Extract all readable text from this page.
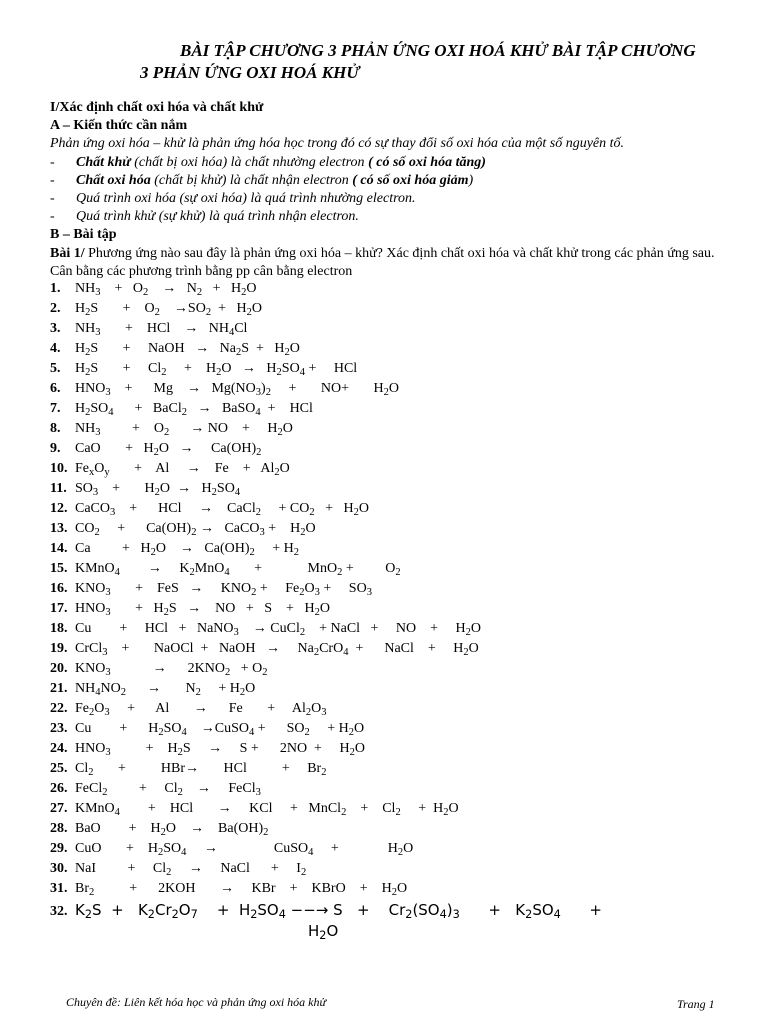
BÀI TẬP CHƯƠNG 3 PHẢN ỨNG OXI HOÁ KHỬ BÀI TẬP CHƯƠNG
3 PHẢN ỨNG OXI HOÁ KHỬ
I/Xác định chất oxi hóa và chất khử
A – Kiến thức cần nắm
Phản ứng oxi hóa – khử là phản ứng hóa học trong đó có sự thay đổi số oxi hóa của một số nguyên tố.
- Chất khử (chất bị oxi hóa) là chất nhường electron ( có số oxi hóa tăng)
- Chất oxi hóa (chất bị khử) là chất nhận electron ( có số oxi hóa giảm)
- Quá trình oxi hóa (sự oxi hóa) là quá trình nhường electron.
- Quá trình khử (sự khử) là quá trình nhận electron.
B – Bài tập
Bài 1/ Phương ứng nào sau đây là phản ứng oxi hóa – khử? Xác định chất oxi hóa và chất khử trong các phản ứng sau. Cân bằng các phương trình bằng pp cân bằng electron
1. $NH_3$    +   $O_2$    →   $N_2 + H_2O$
2. $H_2S$       +    $O_2$    $\to SO_2 + H_2O$
3. $NH_3$       +    HCl    →   $NH_4Cl$
4. $H_2S$       +     NaOH   →   $Na_2S + H_2O$
5. $H_2S$       +     $Cl_2$     +    $H_2O \to H_2SO_4$ +     HCl
6. $HNO_3$    +      Mg    →   $Mg(NO_3)_2$     +       NO+       $H_2O$
7. $H_2SO_4$      +   BaCl$_2$   →   BaSO$_4$  +    HCl
8. $NH_3$         +    $O_2$      → NO    +     $H_2O$
9. CaO       +   $H_2O$   →     $Ca(OH)_2$
10. $Fe_xO_y$       +    Al     →    Fe    +   $Al_2O$
11. $SO_3$    +       $H_2O \to H_2SO_4$
12. CaCO$_3$    +      HCl     →    CaCl$_2$     + $CO_2 + H_2O$
13. $CO_2$     +      $Ca(OH)_2$ →   CaCO$_3$ +    $H_2O$
14. Ca         +   $H_2O$    →   $Ca(OH)_2$     + $H_2$
15. KMnO$_4$        →     $K_2MnO_4$       +             MnO$_2$ +         $O_2$
16. $KNO_3$       +    FeS   →     $KNO_2$ +     $Fe_2O_3$ +     $SO_3$
17. $HNO_3$       +   $H_2S$   →    NO   +   S    +   $H_2O$
18. Cu        +     HCl   +   NaNO$_3$    → CuCl$_2$    + NaCl   +     NO    +     $H_2O$
19. CrCl$_3$    +       NaOCl  +   NaOH   →     $Na_2CrO_4$  +      NaCl    +     $H_2O$
20. $KNO_3$            →      $2KNO_2 + O_2$
21. $NH_4NO_2$      →       $N_2$     + $H_2O$
22. $Fe_2O_3$     +      Al       →      Fe       +     $Al_2O_3$
23. Cu        +      $H_2SO_4$    →CuSO$_4$ +      $SO_2$     + $H_2O$
24. $HNO_3$          +    $H_2S$     →     S +      2NO  +     $H_2O$
25. $Cl_2$       +          HBr→       HCl          +     $Br_2$
26. FeCl$_2$         +     $Cl_2$    →     FeCl$_3$
27. KMnO$_4$        +    HCl       →     KCl     +   MnCl$_2$    +    $Cl_2$     +  $H_2O$
28. BaO        +    $H_2O$    →    $Ba(OH)_2$
29. CuO       +    $H_2SO_4$     →                CuSO$_4$     +              $H_2O$
30. NaI         +     $Cl_2$     →     NaCl      +     $I_2$
31. $Br_2$          +      2KOH       →     KBr    +    KBrO    +    $H_2O$
32. $K_2S + K_2Cr_2O_7$    +  $H_2SO_4$ −−→ S   +    $Cr_2(SO_4)_3$      +   $K_2SO_4$      +
$H_2O$
Chuyên đề: Liên kết hóa học và phản ứng oxi hóa khử	Trang 1
